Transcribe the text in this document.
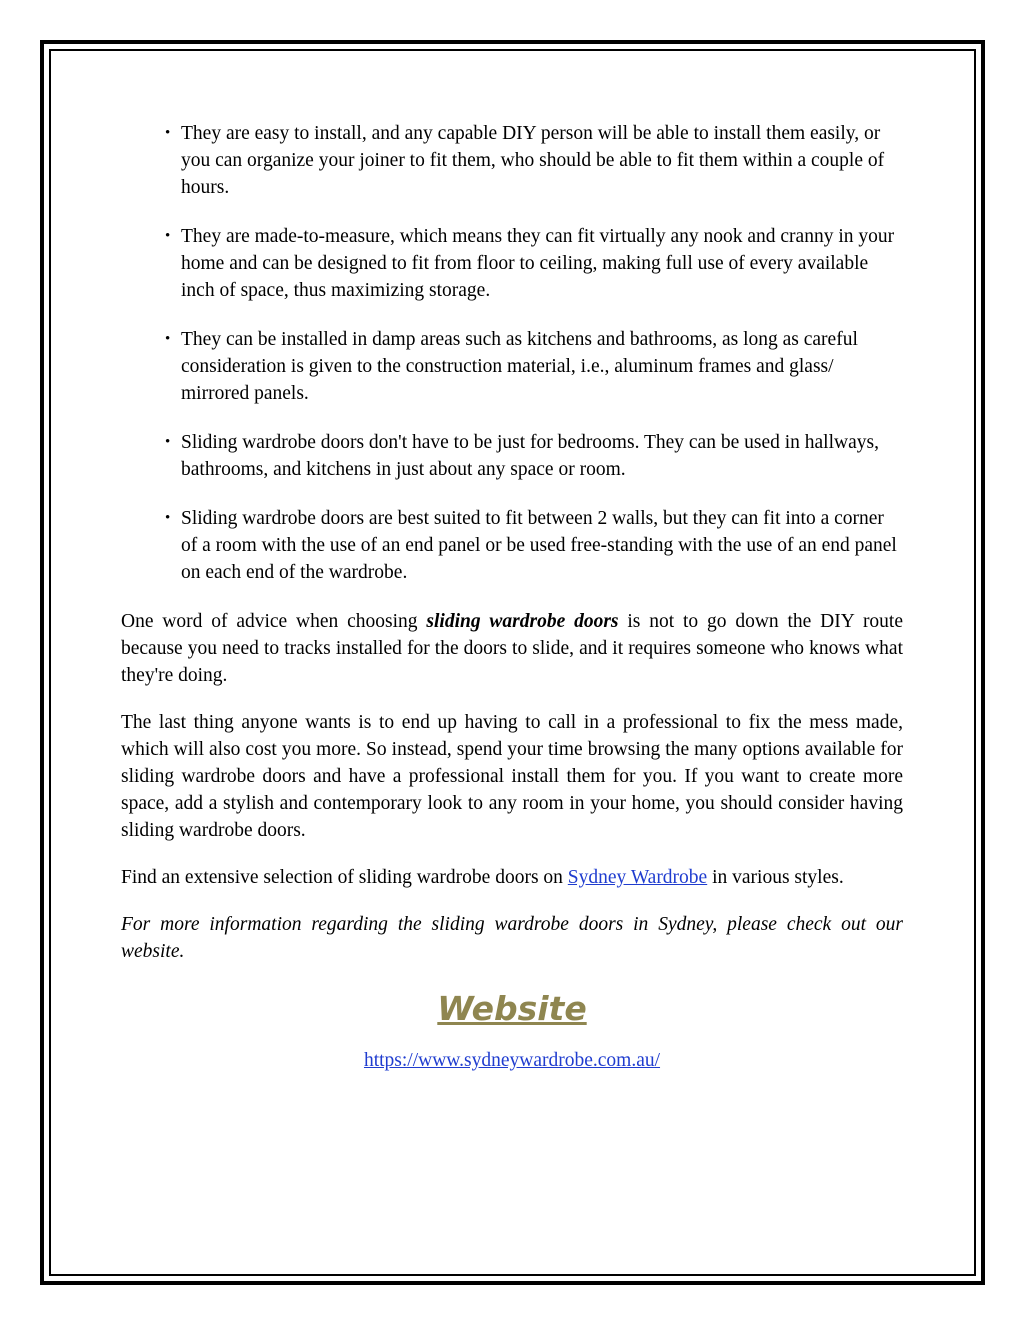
• They are easy to install, and any capable DIY person will be able to install them easily, or you can organize your joiner to fit them, who should be able to fit them within a couple of hours.
• They are made-to-measure, which means they can fit virtually any nook and cranny in your home and can be designed to fit from floor to ceiling, making full use of every available inch of space, thus maximizing storage.
• They can be installed in damp areas such as kitchens and bathrooms, as long as careful consideration is given to the construction material, i.e., aluminum frames and glass/ mirrored panels.
• Sliding wardrobe doors don't have to be just for bedrooms. They can be used in hallways, bathrooms, and kitchens in just about any space or room.
• Sliding wardrobe doors are best suited to fit between 2 walls, but they can fit into a corner of a room with the use of an end panel or be used free-standing with the use of an end panel on each end of the wardrobe.

One word of advice when choosing sliding wardrobe doors is not to go down the DIY route because you need to tracks installed for the doors to slide, and it requires someone who knows what they're doing.

The last thing anyone wants is to end up having to call in a professional to fix the mess made, which will also cost you more. So instead, spend your time browsing the many options available for sliding wardrobe doors and have a professional install them for you. If you want to create more space, add a stylish and contemporary look to any room in your home, you should consider having sliding wardrobe doors.

Find an extensive selection of sliding wardrobe doors on Sydney Wardrobe in various styles.

For more information regarding the sliding wardrobe doors in Sydney, please check out our website.

Website

https://www.sydneywardrobe.com.au/
